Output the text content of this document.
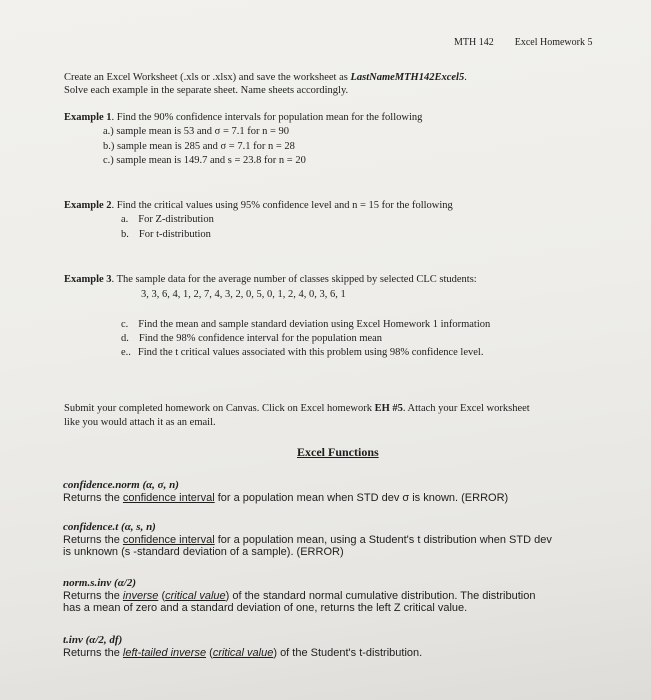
MTH 142 Excel Homework 5
Create an Excel Worksheet (.xls or .xlsx) and save the worksheet as LastNameMTH142Excel5.
Solve each example in the separate sheet. Name sheets accordingly.
Example 1. Find the 90% confidence intervals for population mean for the following
a.) sample mean is 53 and σ = 7.1 for n = 90
b.) sample mean is 285 and σ = 7.1 for n = 28
c.) sample mean is 149.7 and s = 23.8 for n = 20
Example 2. Find the critical values using 95% confidence level and n = 15 for the following
a. For Z-distribution
b. For t-distribution
Example 3. The sample data for the average number of classes skipped by selected CLC students:
3, 3, 6, 4, 1, 2, 7, 4, 3, 2, 0, 5, 0, 1, 2, 4, 0, 3, 6, 1
c. Find the mean and sample standard deviation using Excel Homework 1 information
d. Find the 98% confidence interval for the population mean
e.. Find the t critical values associated with this problem using 98% confidence level.
Submit your completed homework on Canvas. Click on Excel homework EH #5. Attach your Excel worksheet
like you would attach it as an email.
Excel Functions
confidence.norm (α, σ, n)
Returns the confidence interval for a population mean when STD dev σ is known. (ERROR)
confidence.t (α, s, n)
Returns the confidence interval for a population mean, using a Student's t distribution when STD dev
is unknown (s -standard deviation of a sample). (ERROR)
norm.s.inv (α/2)
Returns the inverse (critical value) of the standard normal cumulative distribution. The distribution
has a mean of zero and a standard deviation of one, returns the left Z critical value.
t.inv (α/2, df)
Returns the left-tailed inverse (critical value) of the Student's t-distribution.
